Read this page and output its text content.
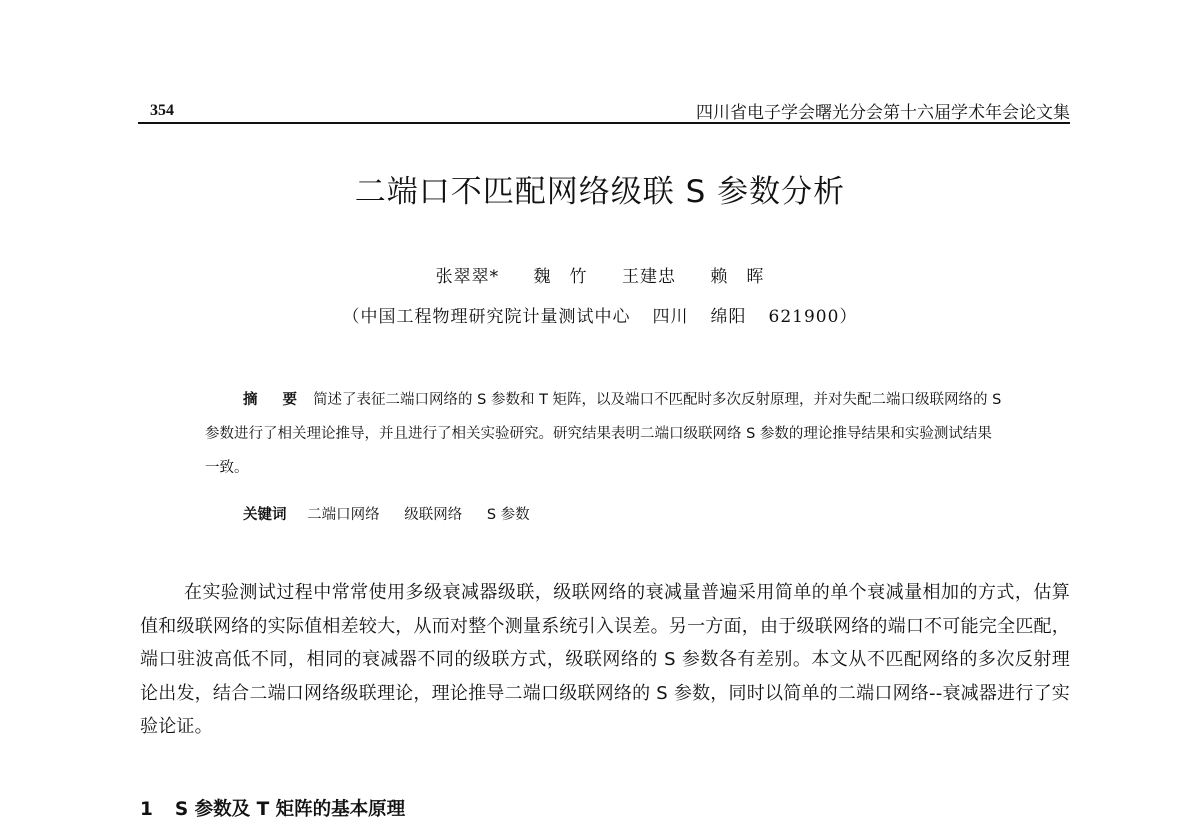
354	四川省电子学会曙光分会第十六届学术年会论文集
二端口不匹配网络级联 S 参数分析
张翠翠* 魏　竹 王建忠 赖　晖
（中国工程物理研究院计量测试中心 四川 绵阳 621900）

摘 要 简述了表征二端口网络的 S 参数和 T 矩阵，以及端口不匹配时多次反射原理，并对失配二端口级联网络的 S 参数进行了相关理论推导，并且进行了相关实验研究。研究结果表明二端口级联网络 S 参数的理论推导结果和实验测试结果一致。

关键词 二端口网络 级联网络 S 参数

在实验测试过程中常常使用多级衰减器级联，级联网络的衰减量普遍采用简单的单个衰减量相加的方式，估算值和级联网络的实际值相差较大，从而对整个测量系统引入误差。另一方面，由于级联网络的端口不可能完全匹配，端口驻波高低不同，相同的衰减器不同的级联方式，级联网络的 S 参数各有差别。本文从不匹配网络的多次反射理论出发，结合二端口网络级联理论，理论推导二端口级联网络的 S 参数，同时以简单的二端口网络--衰减器进行了实验论证。

1 S 参数及 T 矩阵的基本原理
